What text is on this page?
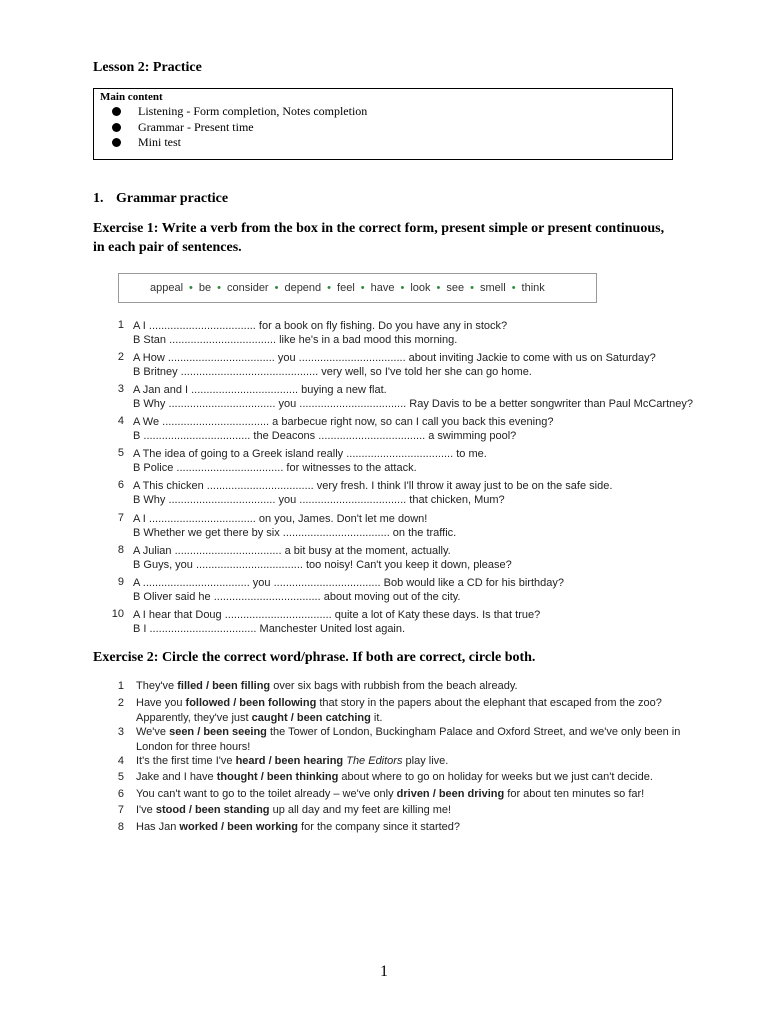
Lesson 2: Practice
Main content
Listening - Form completion, Notes completion
Grammar - Present time
Mini test
1. Grammar practice
Exercise 1: Write a verb from the box in the correct form, present simple or present continuous, in each pair of sentences.
appeal • be • consider • depend • feel • have • look • see • smell • think
1 A I ................................... for a book on fly fishing. Do you have any in stock?
B Stan ................................... like he's in a bad mood this morning.
2 A How ................................... you ................................... about inviting Jackie to come with us on Saturday?
B Britney ............................................. very well, so I've told her she can go home.
3 A Jan and I ................................... buying a new flat.
B Why ................................... you ................................... Ray Davis to be a better songwriter than Paul McCartney?
4 A We ................................... a barbecue right now, so can I call you back this evening?
B ................................... the Deacons ................................... a swimming pool?
5 A The idea of going to a Greek island really ................................... to me.
B Police ................................... for witnesses to the attack.
6 A This chicken ................................... very fresh. I think I'll throw it away just to be on the safe side.
B Why ................................... you ................................... that chicken, Mum?
7 A I ................................... on you, James. Don't let me down!
B Whether we get there by six ................................... on the traffic.
8 A Julian ................................... a bit busy at the moment, actually.
B Guys, you ................................... too noisy! Can't you keep it down, please?
9 A ................................... you ................................... Bob would like a CD for his birthday?
B Oliver said he ................................... about moving out of the city.
10 A I hear that Doug ................................... quite a lot of Katy these days. Is that true?
B I ................................... Manchester United lost again.
Exercise 2: Circle the correct word/phrase. If both are correct, circle both.
1 They've filled / been filling over six bags with rubbish from the beach already.
2 Have you followed / been following that story in the papers about the elephant that escaped from the zoo? Apparently, they've just caught / been catching it.
3 We've seen / been seeing the Tower of London, Buckingham Palace and Oxford Street, and we've only been in London for three hours!
4 It's the first time I've heard / been hearing The Editors play live.
5 Jake and I have thought / been thinking about where to go on holiday for weeks but we just can't decide.
6 You can't want to go to the toilet already – we've only driven / been driving for about ten minutes so far!
7 I've stood / been standing up all day and my feet are killing me!
8 Has Jan worked / been working for the company since it started?
1
